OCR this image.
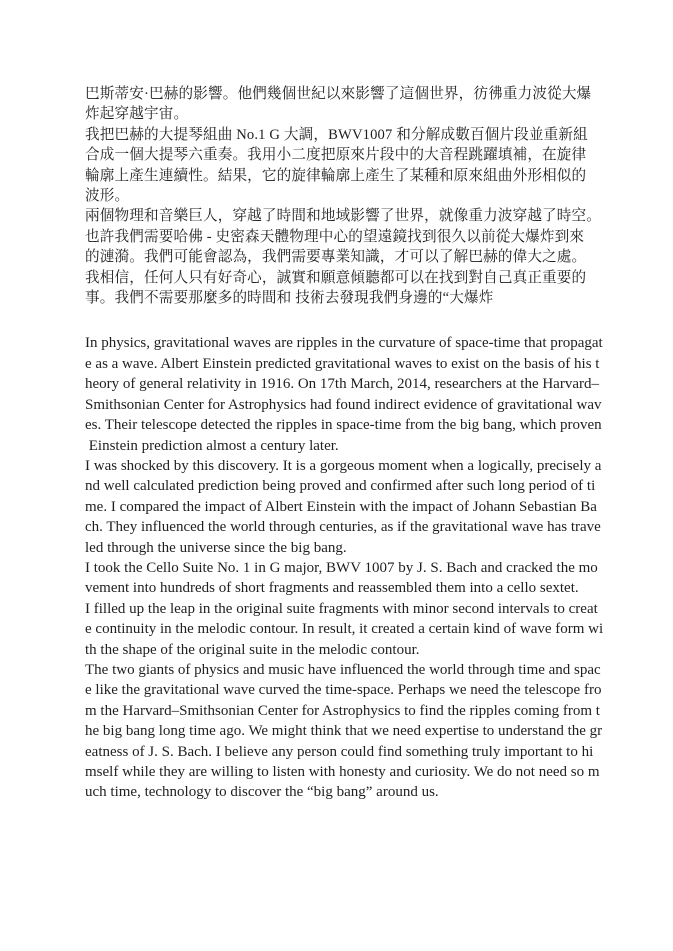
巴斯蒂安·巴赫的影響。他們幾個世紀以來影響了這個世界，彷彿重力波從大爆
炸起穿越宇宙。
我把巴赫的大提琴組曲 No.1 G 大調，BWV1007 和分解成數百個片段並重新組
合成一個大提琴六重奏。我用小二度把原來片段中的大音程跳躍填補，在旋律
輪廓上產生連續性。結果，它的旋律輪廓上產生了某種和原來組曲外形相似的
波形。
兩個物理和音樂巨人，穿越了時間和地域影響了世界，就像重力波穿越了時空。
也許我們需要哈佛 - 史密森天體物理中心的望遠鏡找到很久以前從大爆炸到來
的漣漪。我們可能會認為，我們需要專業知識，才可以了解巴赫的偉大之處。
我相信，任何人只有好奇心，誠實和願意傾聽都可以在找到對自己真正重要的
事。我們不需要那麼多的時間和 技術去發現我們身邊的“大爆炸
In physics, gravitational waves are ripples in the curvature of space-time that propagat
e as a wave. Albert Einstein predicted gravitational waves to exist on the basis of his t
heory of general relativity in 1916. On 17th March, 2014, researchers at the Harvard–
Smithsonian Center for Astrophysics had found indirect evidence of gravitational wav
es. Their telescope detected the ripples in space-time from the big bang, which proven
Einstein prediction almost a century later.
I was shocked by this discovery. It is a gorgeous moment when a logically, precisely a
nd well calculated prediction being proved and confirmed after such long period of ti
me. I compared the impact of Albert Einstein with the impact of Johann Sebastian Ba
ch. They influenced the world through centuries, as if the gravitational wave has trave
led through the universe since the big bang.
I took the Cello Suite No. 1 in G major, BWV 1007 by J. S. Bach and cracked the mo
vement into hundreds of short fragments and reassembled them into a cello sextet.
I filled up the leap in the original suite fragments with minor second intervals to creat
e continuity in the melodic contour. In result, it created a certain kind of wave form wi
th the shape of the original suite in the melodic contour.
The two giants of physics and music have influenced the world through time and spac
e like the gravitational wave curved the time-space. Perhaps we need the telescope fro
m the Harvard–Smithsonian Center for Astrophysics to find the ripples coming from t
he big bang long time ago. We might think that we need expertise to understand the gr
eatness of J. S. Bach. I believe any person could find something truly important to hi
mself while they are willing to listen with honesty and curiosity. We do not need so m
uch time, technology to discover the “big bang” around us.
